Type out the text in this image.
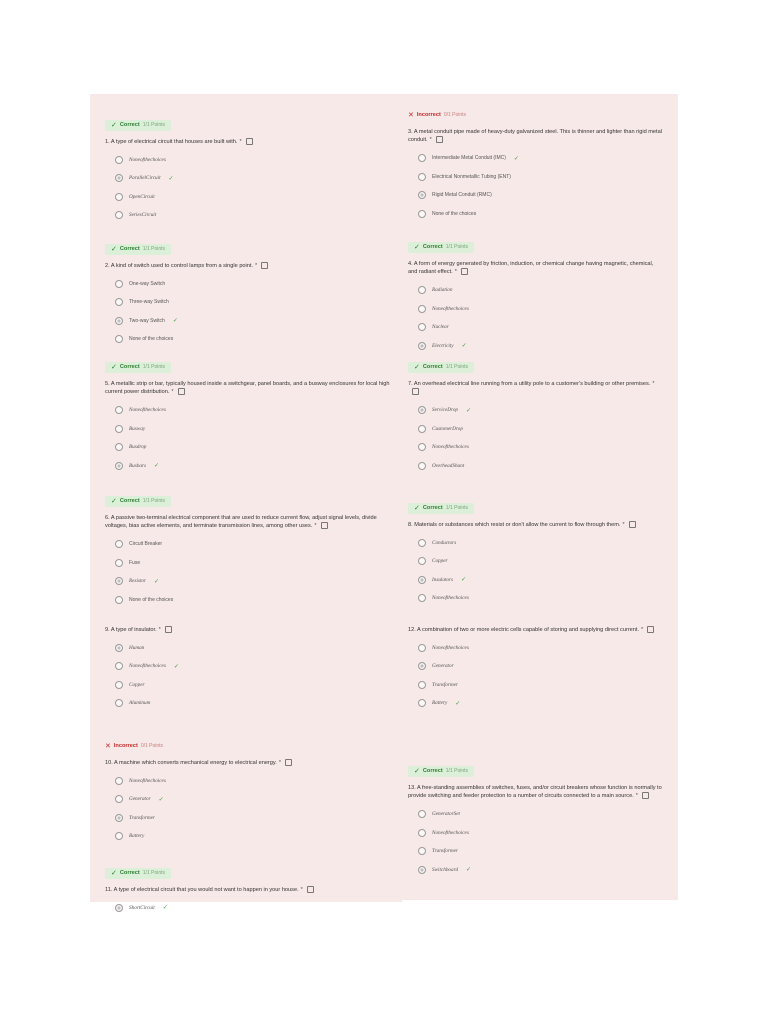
✓ Correct 1/1 Points
1. A type of electrical circuit that houses are built with. *
Noneofthechoices
ParallelCircuit ✓
OpenCircuit
SeriesCircuit
✓ Correct 1/1 Points
2. A kind of switch used to control lamps from a single point. *
One-way Switch
Three-way Switch
Two-way Switch ✓
None of the choices
✓ Correct 1/1 Points
5. A metallic strip or bar, typically housed inside a switchgear, panel boards, and a busway enclosures for local high current power distribution. *
Noneofthechoices
Busway
Busdrop
Busbars ✓
✓ Correct 1/1 Points
6. A passive two-terminal electrical component that are used to reduce current flow, adjust signal levels, divide voltages, bias active elements, and terminate transmission lines, among other uses. *
Circuit Breaker
Fuse
Resistor ✓
None of the choices
9. A type of insulator. *
Human
Noneofthechoices ✓
Copper
Aluminum
✕ Incorrect 0/1 Points
10. A machine which converts mechanical energy to electrical energy. *
Noneofthechoices
Generator ✓
Transformer
Battery
✓ Correct 1/1 Points
11. A type of electrical circuit that you would not want to happen in your house. *
ShortCircuit ✓
✕ Incorrect 0/1 Points
3. A metal conduit pipe made of heavy-duty galvanized steel. This is thinner and lighter than rigid metal conduit. *
Intermediate Metal Conduit (IMC) ✓
Electrical Nonmetallic Tubing (ENT)
Rigid Metal Conduit (RMC)
None of the choices
✓ Correct 1/1 Points
4. A form of energy generated by friction, induction, or chemical change having magnetic, chemical, and radiant effect. *
Radiation
Noneofthechoices
Nuclear
Electricity ✓
✓ Correct 1/1 Points
7. An overhead electrical line running from a utility pole to a customer's building or other premises. *
ServiceDrop ✓
CustomerDrop
Noneofthechoices
OverheadShunt
✓ Correct 1/1 Points
8. Materials or substances which resist or don't allow the current to flow through them. *
Conductors
Copper
Insulators ✓
Noneofthechoices
12. A combination of two or more electric cells capable of storing and supplying direct current. *
Noneofthechoices
Generator
Transformer
Battery ✓
✓ Correct 1/1 Points
13. A free-standing assemblies of switches, fuses, and/or circuit breakers whose function is normally to provide switching and feeder protection to a number of circuits connected to a main source. *
GeneratorSet
Noneofthechoices
Transformer
Switchboard ✓
